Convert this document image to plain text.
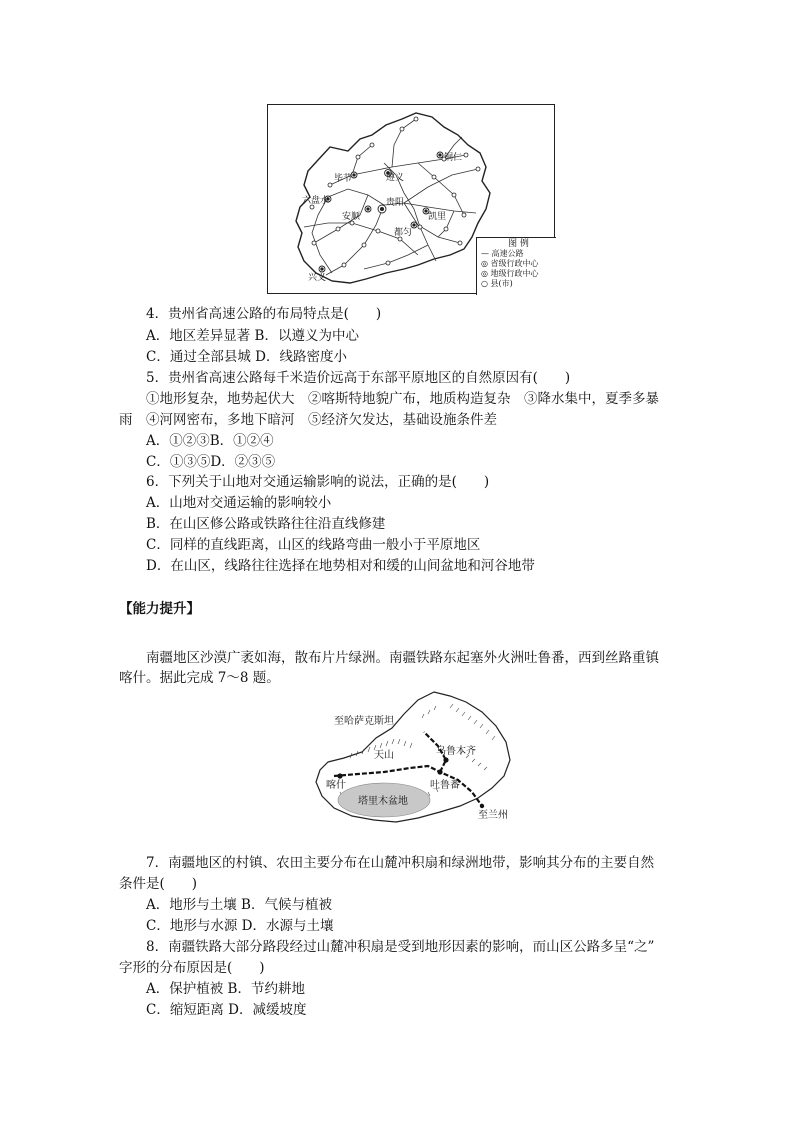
毕节	遵义
铜仁
六盘水
安顺
贵阳
凯里
都匀
兴义
图 例
— 高速公路
◎ 省级行政中心
◎ 地级行政中心
○ 县(市)
4．贵州省高速公路的布局特点是(　　)
A．地区差异显著 B．以遵义为中心
C．通过全部县城 D．线路密度小
5．贵州省高速公路每千米造价远高于东部平原地区的自然原因有(　　)
①地形复杂，地势起伏大　②喀斯特地貌广布，地质构造复杂　③降水集中，夏季多暴
雨　④河网密布，多地下暗河　⑤经济欠发达，基础设施条件差
A．①②③B．①②④
C．①③⑤D．②③⑤
6．下列关于山地对交通运输影响的说法，正确的是(　　)
A．山地对交通运输的影响较小
B．在山区修公路或铁路往往沿直线修建
C．同样的直线距离，山区的线路弯曲一般小于平原地区
D．在山区，线路往往选择在地势相对和缓的山间盆地和河谷地带
【能力提升】
南疆地区沙漠广袤如海，散布片片绿洲。南疆铁路东起塞外火洲吐鲁番，西到丝路重镇
喀什。据此完成 7～8 题。
至哈萨克斯坦
天山	乌鲁木齐
喀什	吐鲁番
塔里木盆地
至兰州
7．南疆地区的村镇、农田主要分布在山麓冲积扇和绿洲地带，影响其分布的主要自然
条件是(　　)
A．地形与土壤 B．气候与植被
C．地形与水源 D．水源与土壤
8．南疆铁路大部分路段经过山麓冲积扇是受到地形因素的影响，而山区公路多呈“之”
字形的分布原因是(　　)
A．保护植被 B．节约耕地
C．缩短距离 D．减缓坡度
